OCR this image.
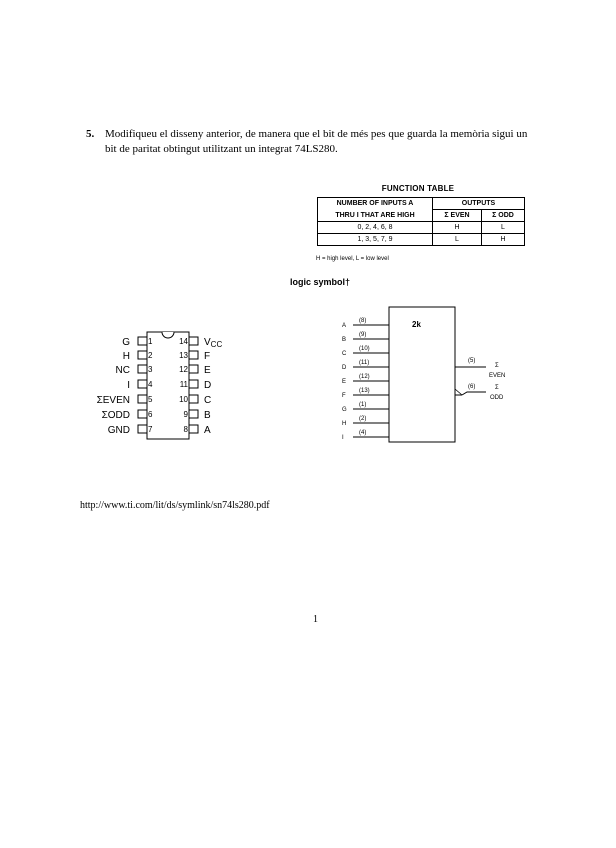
5. Modifiqueu el disseny anterior, de manera que el bit de més pes que guarda la memòria sigui un
bit de paritat obtingut utilitzant un integrat 74LS280.
FUNCTION TABLE
NUMBER OF INPUTS A	OUTPUTS	
THRU I THAT ARE HIGH	Σ EVEN	Σ ODD
0, 2, 4, 6, 8	H	L
1, 3, 5, 7, 9	L	H
H = high level, L = low level
logic symbol†
G
H
NC
I
ΣEVEN
ΣODD
GND
1
2
3
4
5
6
7
14
13
12
11
10
9
8
$V_{CC}$
F
E
D
C
B
A
2k
A
B
C
D
E
F
G
H
I
(8)
(9)
(10)
(11)
(12)
(13)
(1)
(2)
(4)
(5)
(6)
Σ
EVEN
Σ
ODD
http://www.ti.com/lit/ds/symlink/sn74ls280.pdf
1
